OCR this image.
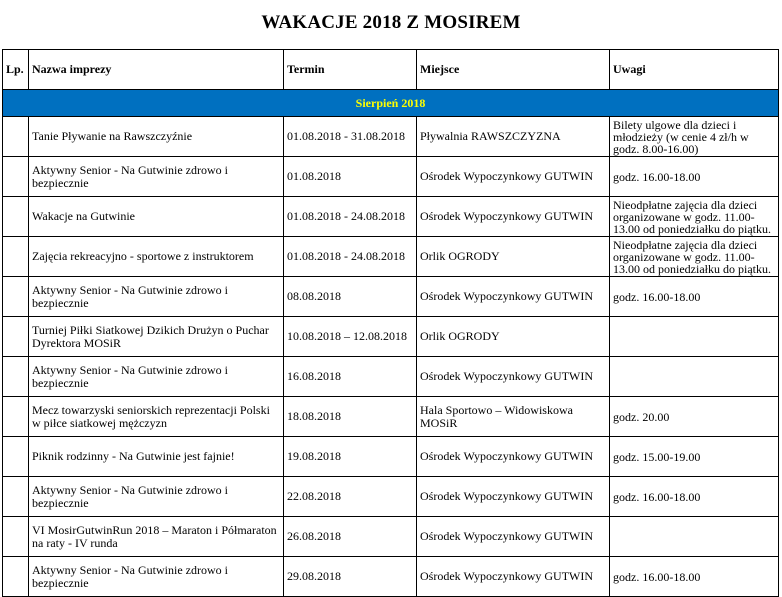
WAKACJE 2018 Z MOSIREM
Lp.	Nazwa imprezy	Termin	Miejsce	Uwagi
Sierpień 2018				
	Tanie Pływanie na Rawszczyźnie	01.08.2018 - 31.08.2018	Pływalnia RAWSZCZYZNA	Bilety ulgowe dla dzieci i młodzieży (w cenie 4 zł/h w godz. 8.00-16.00)
	Aktywny Senior - Na Gutwinie zdrowo i bezpiecznie	01.08.2018	Ośrodek Wypoczynkowy GUTWIN	godz. 16.00-18.00
	Wakacje na Gutwinie	01.08.2018 - 24.08.2018	Ośrodek Wypoczynkowy GUTWIN	Nieodpłatne zajęcia dla dzieci organizowane w godz. 11.00-13.00 od poniedziałku do piątku.
	Zajęcia rekreacyjno - sportowe z instruktorem	01.08.2018 - 24.08.2018	Orlik OGRODY	Nieodpłatne zajęcia dla dzieci organizowane w godz. 11.00-13.00 od poniedziałku do piątku.
	Aktywny Senior - Na Gutwinie zdrowo i bezpiecznie	08.08.2018	Ośrodek Wypoczynkowy GUTWIN	godz. 16.00-18.00
	Turniej Piłki Siatkowej Dzikich Drużyn o Puchar Dyrektora MOSiR	10.08.2018 – 12.08.2018	Orlik OGRODY	
	Aktywny Senior - Na Gutwinie zdrowo i bezpiecznie	16.08.2018	Ośrodek Wypoczynkowy GUTWIN	
	Mecz towarzyski seniorskich reprezentacji Polski w piłce siatkowej mężczyzn	18.08.2018	Hala Sportowo – Widowiskowa MOSiR	godz. 20.00
	Piknik rodzinny - Na Gutwinie jest fajnie!	19.08.2018	Ośrodek Wypoczynkowy GUTWIN	godz. 15.00-19.00
	Aktywny Senior - Na Gutwinie zdrowo i bezpiecznie	22.08.2018	Ośrodek Wypoczynkowy GUTWIN	godz. 16.00-18.00
	VI MosirGutwinRun 2018 – Maraton i Półmaraton na raty - IV runda	26.08.2018	Ośrodek Wypoczynkowy GUTWIN	
	Aktywny Senior - Na Gutwinie zdrowo i bezpiecznie	29.08.2018	Ośrodek Wypoczynkowy GUTWIN	godz. 16.00-18.00
